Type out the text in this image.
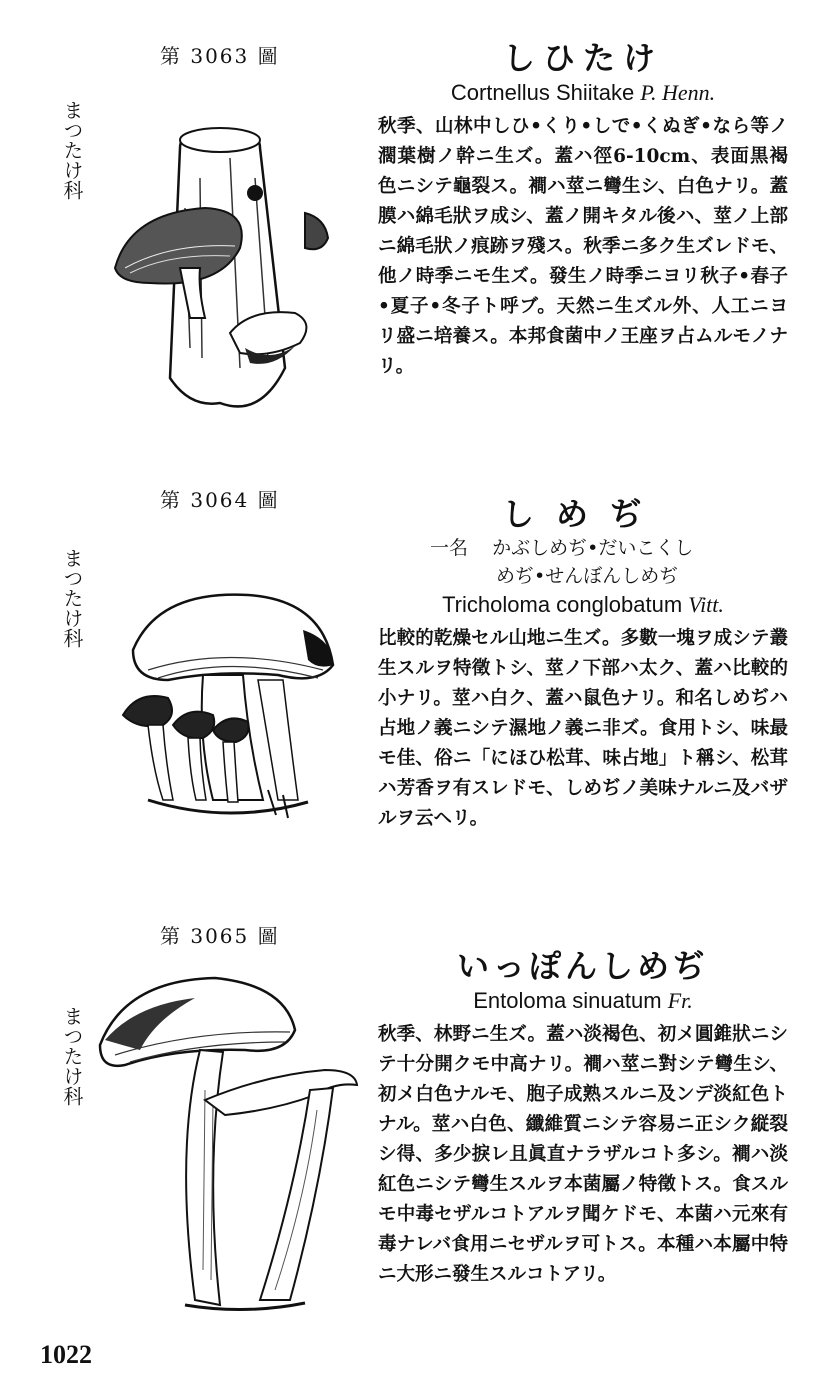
第 3063 圖
まつたけ科
しひたけ
Cortnellus Shiitake P. Henn.
秋季、山林中しひ•くり•しで•くぬぎ•なら等ノ濶葉樹ノ幹ニ生ズ。蓋ハ徑6-10cm、表面黒褐色ニシテ龜裂ス。襇ハ莖ニ彎生シ、白色ナリ。蓋膜ハ綿毛狀ヲ成シ、蓋ノ開キタル後ハ、莖ノ上部ニ綿毛狀ノ痕跡ヲ殘ス。秋季ニ多ク生ズレドモ、他ノ時季ニモ生ズ。發生ノ時季ニヨリ秋子•春子•夏子•冬子ト呼ブ。天然ニ生ズル外、人工ニヨリ盛ニ培養ス。本邦食菌中ノ王座ヲ占ムルモノナリ。
第 3064 圖
まつたけ科
しめぢ
一名 かぶしめぢ•だいこくし
めぢ•せんぼんしめぢ
Tricholoma conglobatum Vitt.
比較的乾燥セル山地ニ生ズ。多數一塊ヲ成シテ叢生スルヲ特徵トシ、莖ノ下部ハ太ク、蓋ハ比較的小ナリ。莖ハ白ク、蓋ハ鼠色ナリ。和名しめぢハ占地ノ義ニシテ濕地ノ義ニ非ズ。食用トシ、味最モ佳、俗ニ「にほひ松茸、味占地」ト稱シ、松茸ハ芳香ヲ有スレドモ、しめぢノ美味ナルニ及バザルヲ云ヘリ。
第 3065 圖
まつたけ科
いっぽんしめぢ
Entoloma sinuatum Fr.
秋季、林野ニ生ズ。蓋ハ淡褐色、初メ圓錐狀ニシテ十分開クモ中高ナリ。襇ハ莖ニ對シテ彎生シ、初メ白色ナルモ、胞子成熟スルニ及ンデ淡紅色トナル。莖ハ白色、纖維質ニシテ容易ニ正シク縦裂シ得、多少捩レ且眞直ナラザルコト多シ。襇ハ淡紅色ニシテ彎生スルヲ本菌屬ノ特徵トス。食スルモ中毒セザルコトアルヲ聞ケドモ、本菌ハ元來有毒ナレバ食用ニセザルヲ可トス。本種ハ本屬中特ニ大形ニ發生スルコトアリ。
1022
